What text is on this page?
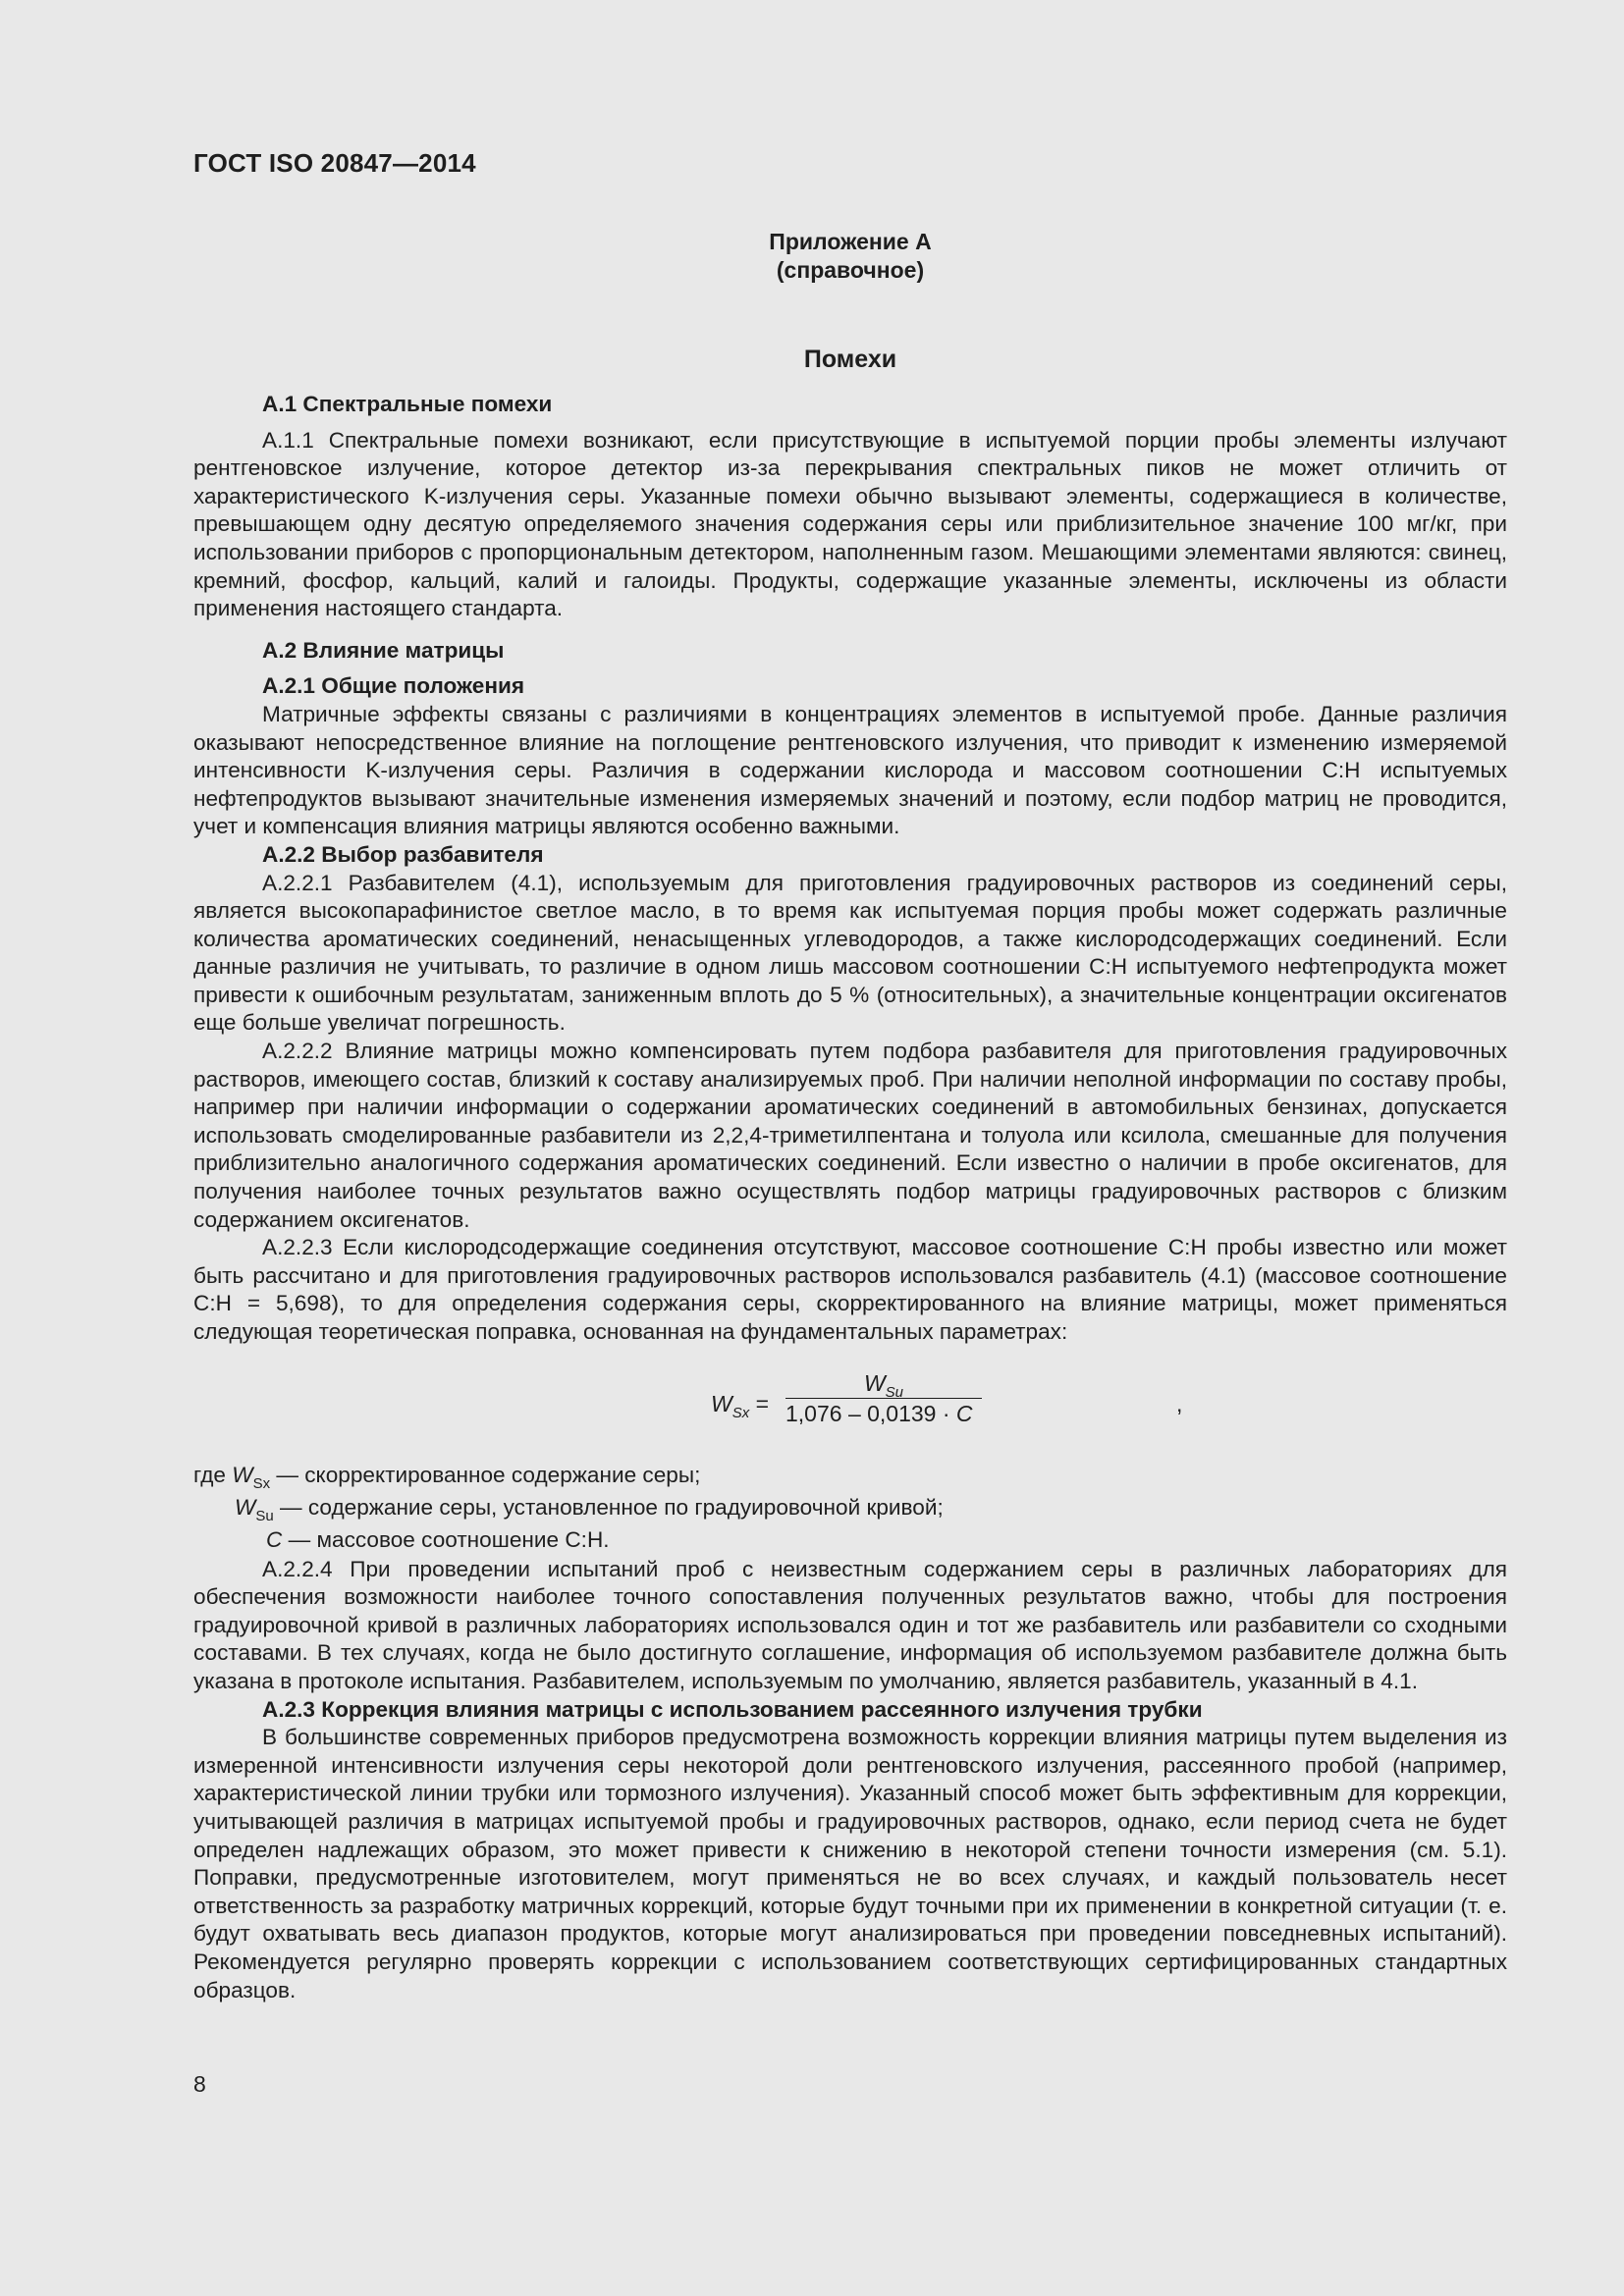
ГОСТ ISO 20847—2014
Приложение А
(справочное)
Помехи

А.1 Спектральные помехи

А.1.1 Спектральные помехи возникают, если присутствующие в испытуемой порции пробы элементы излучают рентгеновское излучение, которое детектор из-за перекрывания спектральных пиков не может отличить от характеристического K-излучения серы. Указанные помехи обычно вызывают элементы, содержащиеся в количестве, превышающем одну десятую определяемого значения содержания серы или приблизительное значение 100 мг/кг, при использовании приборов с пропорциональным детектором, наполненным газом. Мешающими элементами являются: свинец, кремний, фосфор, кальций, калий и галоиды. Продукты, содержащие указанные элементы, исключены из области применения настоящего стандарта.

А.2 Влияние матрицы

А.2.1 Общие положения

Матричные эффекты связаны с различиями в концентрациях элементов в испытуемой пробе. Данные различия оказывают непосредственное влияние на поглощение рентгеновского излучения, что приводит к изменению измеряемой интенсивности K-излучения серы. Различия в содержании кислорода и массовом соотношении С:Н испытуемых нефтепродуктов вызывают значительные изменения измеряемых значений и поэтому, если подбор матриц не проводится, учет и компенсация влияния матрицы являются особенно важными.

А.2.2 Выбор разбавителя

А.2.2.1 Разбавителем (4.1), используемым для приготовления градуировочных растворов из соединений серы, является высокопарафинистое светлое масло, в то время как испытуемая порция пробы может содержать различные количества ароматических соединений, ненасыщенных углеводородов, а также кислородсодержащих соединений. Если данные различия не учитывать, то различие в одном лишь массовом соотношении С:Н испытуемого нефтепродукта может привести к ошибочным результатам, заниженным вплоть до 5 % (относительных), а значительные концентрации оксигенатов еще больше увеличат погрешность.

А.2.2.2 Влияние матрицы можно компенсировать путем подбора разбавителя для приготовления градуировочных растворов, имеющего состав, близкий к составу анализируемых проб. При наличии неполной информации по составу пробы, например при наличии информации о содержании ароматических соединений в автомобильных бензинах, допускается использовать смоделированные разбавители из 2,2,4-триметилпентана и толуола или ксилола, смешанные для получения приблизительно аналогичного содержания ароматических соединений. Если известно о наличии в пробе оксигенатов, для получения наиболее точных результатов важно осуществлять подбор матрицы градуировочных растворов с близким содержанием оксигенатов.

А.2.2.3 Если кислородсодержащие соединения отсутствуют, массовое соотношение С:Н пробы известно или может быть рассчитано и для приготовления градуировочных растворов использовался разбавитель (4.1) (массовое соотношение С:Н = 5,698), то для определения содержания серы, скорректированного на влияние матрицы, может применяться следующая теоретическая поправка, основанная на фундаментальных параметрах:

$W_{Sx}$ =
$W_{Su}$
1,076 – 0,0139 · C	,
где $W_{Sx}$ — скорректированное содержание серы;
$W_{Su}$ — содержание серы, установленное по градуировочной кривой;
C — массовое соотношение С:Н.

А.2.2.4 При проведении испытаний проб с неизвестным содержанием серы в различных лабораториях для обеспечения возможности наиболее точного сопоставления полученных результатов важно, чтобы для построения градуировочной кривой в различных лабораториях использовался один и тот же разбавитель или разбавители со сходными составами. В тех случаях, когда не было достигнуто соглашение, информация об используемом разбавителе должна быть указана в протоколе испытания. Разбавителем, используемым по умолчанию, является разбавитель, указанный в 4.1.

А.2.3 Коррекция влияния матрицы с использованием рассеянного излучения трубки

В большинстве современных приборов предусмотрена возможность коррекции влияния матрицы путем выделения из измеренной интенсивности излучения серы некоторой доли рентгеновского излучения, рассеянного пробой (например, характеристической линии трубки или тормозного излучения). Указанный способ может быть эффективным для коррекции, учитывающей различия в матрицах испытуемой пробы и градуировочных растворов, однако, если период счета не будет определен надлежащих образом, это может привести к снижению в некоторой степени точности измерения (см. 5.1). Поправки, предусмотренные изготовителем, могут применяться не во всех случаях, и каждый пользователь несет ответственность за разработку матричных коррекций, которые будут точными при их применении в конкретной ситуации (т. е. будут охватывать весь диапазон продуктов, которые могут анализироваться при проведении повседневных испытаний). Рекомендуется регулярно проверять коррекции с использованием соответствующих сертифицированных стандартных образцов.

8
